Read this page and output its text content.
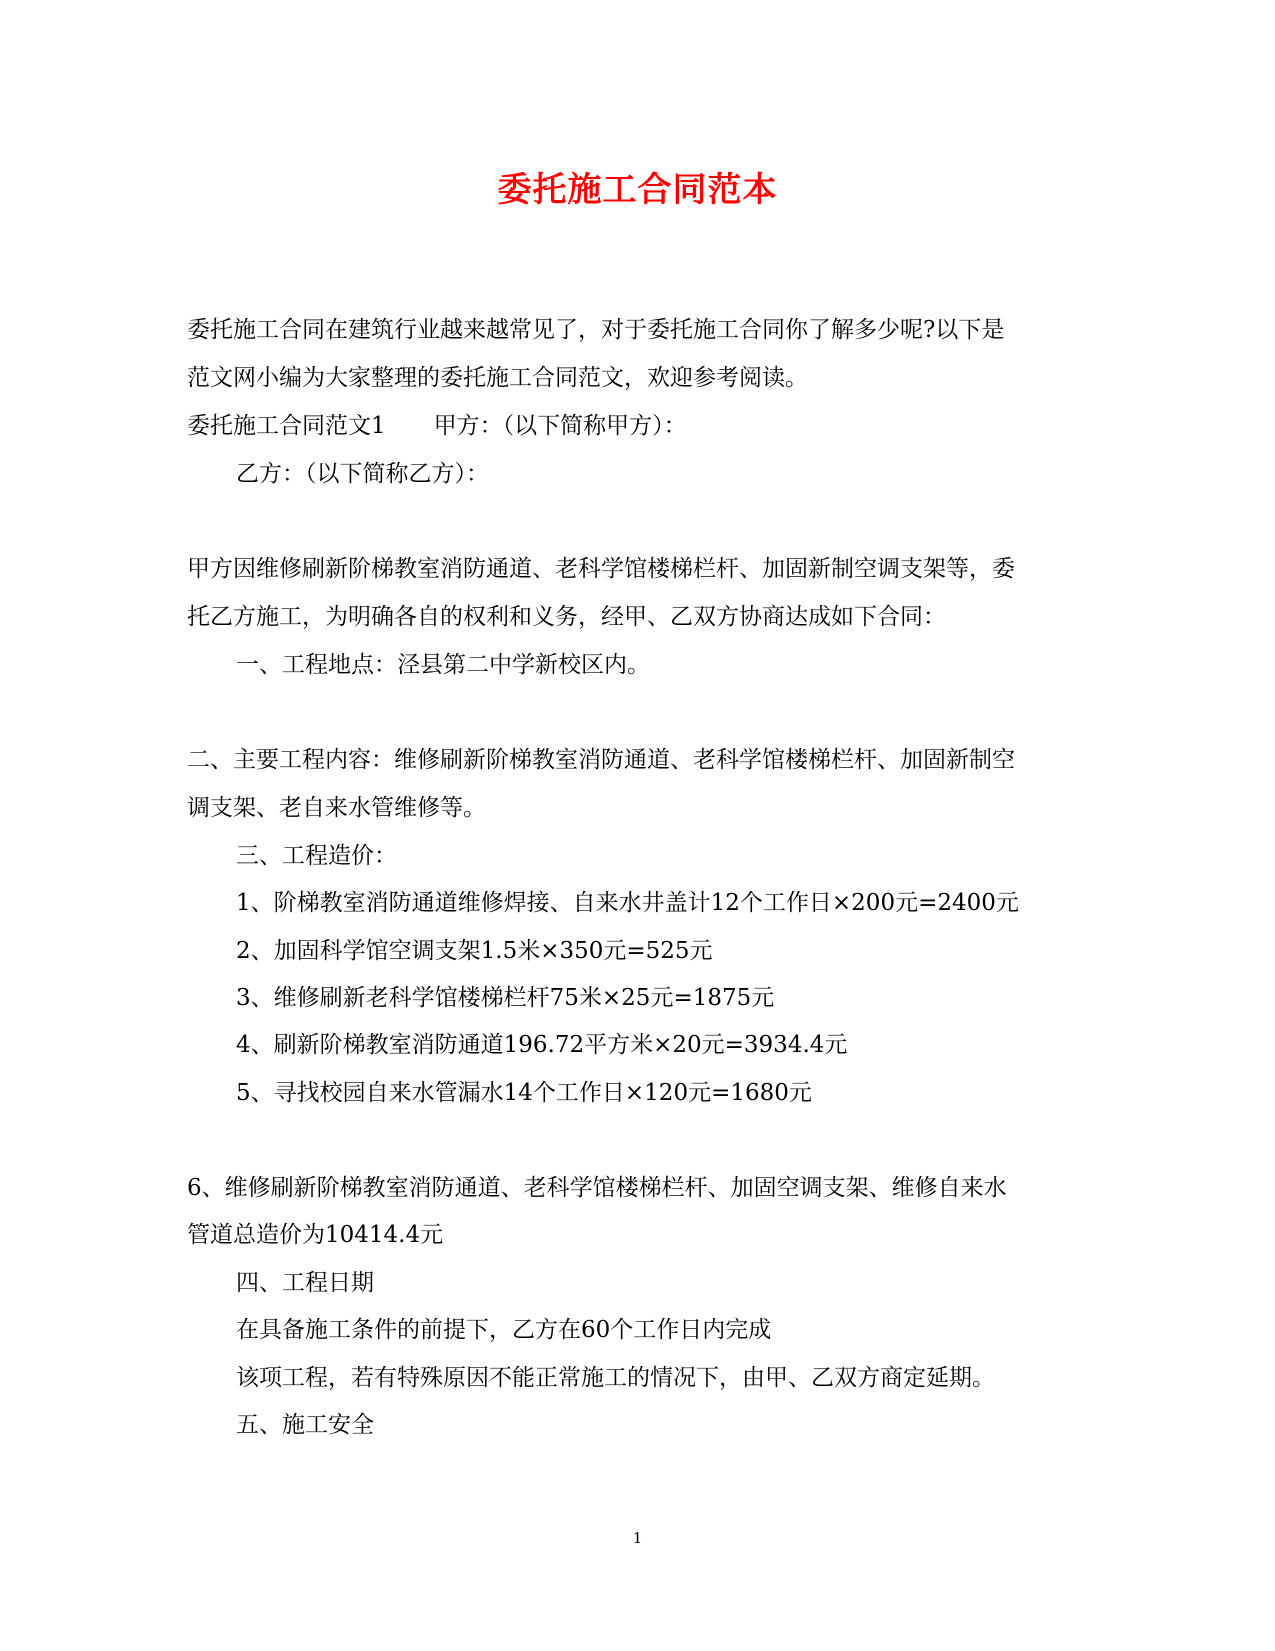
委托施工合同范本
委托施工合同在建筑行业越来越常见了，对于委托施工合同你了解多少呢?以下是
范文网小编为大家整理的委托施工合同范文，欢迎参考阅读。
委托施工合同范文1 甲方：（以下简称甲方）：
乙方：（以下简称乙方）：
甲方因维修刷新阶梯教室消防通道、老科学馆楼梯栏杆、加固新制空调支架等，委
托乙方施工，为明确各自的权利和义务，经甲、乙双方协商达成如下合同：
一、工程地点：泾县第二中学新校区内。
二、主要工程内容：维修刷新阶梯教室消防通道、老科学馆楼梯栏杆、加固新制空
调支架、老自来水管维修等。
三、工程造价：
1、阶梯教室消防通道维修焊接、自来水井盖计12个工作日×200元=2400元
2、加固科学馆空调支架1.5米×350元=525元
3、维修刷新老科学馆楼梯栏杆75米×25元=1875元
4、刷新阶梯教室消防通道196.72平方米×20元=3934.4元
5、寻找校园自来水管漏水14个工作日×120元=1680元
6、维修刷新阶梯教室消防通道、老科学馆楼梯栏杆、加固空调支架、维修自来水
管道总造价为10414.4元
四、工程日期
在具备施工条件的前提下，乙方在60个工作日内完成
该项工程，若有特殊原因不能正常施工的情况下，由甲、乙双方商定延期。
五、施工安全
1
